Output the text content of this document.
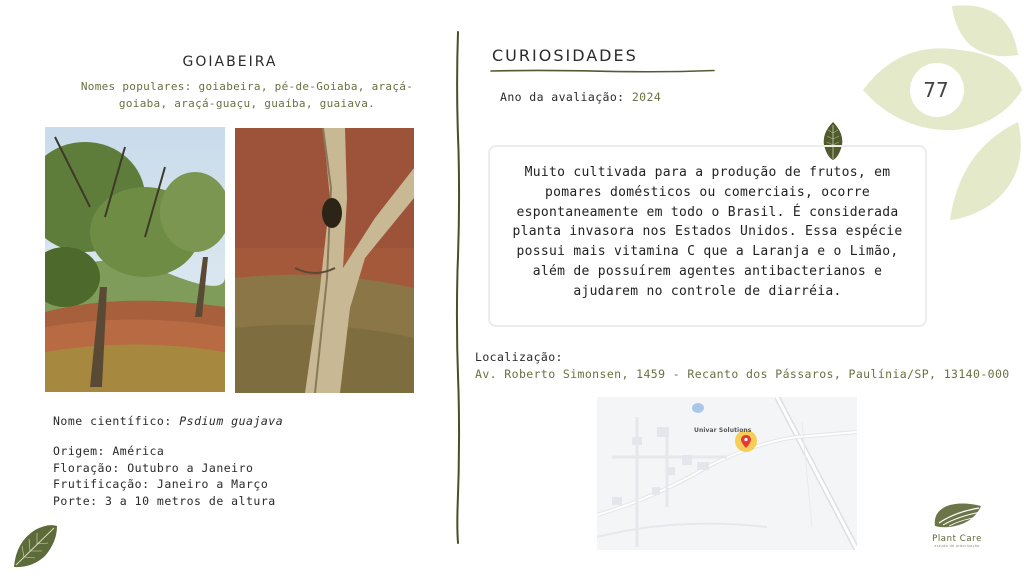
GOIABEIRA
Nomes populares: goiabeira, pé-de-Goiaba, araçá-goiaba, araçá-guaçu, guaíba, guaiava.
Nome científico: Psdium guajava
Origem: América
Floração: Outubro a Janeiro
Frutificação: Janeiro a Março
Porte: 3 a 10 metros de altura
CURIOSIDADES
Ano da avaliação: 2024	77
Muito cultivada para a produção de frutos, em pomares domésticos ou comerciais, ocorre espontaneamente em todo o Brasil. É considerada planta invasora nos Estados Unidos. Essa espécie possui mais vitamina C que a Laranja e o Limão, além de possuírem agentes antibacterianos e ajudarem no controle de diarréia.
Localização:
Av. Roberto Simonsen, 1459 - Recanto dos Pássaros, Paulínia/SP, 13140-000
Univar Solutions
Plant Care
estudo de arborização
